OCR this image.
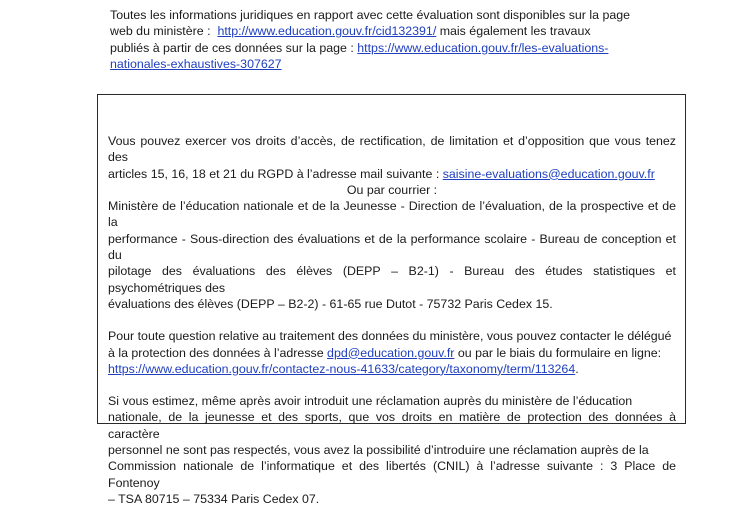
Toutes les informations juridiques en rapport avec cette évaluation sont disponibles sur la page
web du ministère : http://www.education.gouv.fr/cid132391/ mais également les travaux
publiés à partir de ces données sur la page : https://www.education.gouv.fr/les-evaluations-
nationales-exhaustives-307627

Vous pouvez exercer vos droits d’accès, de rectification, de limitation et d’opposition que vous tenez des
articles 15, 16, 18 et 21 du RGPD à l’adresse mail suivante : saisine-evaluations@education.gouv.fr
Ou par courrier :
Ministère de l’éducation nationale et de la Jeunesse - Direction de l’évaluation, de la prospective et de la
performance - Sous-direction des évaluations et de la performance scolaire - Bureau de conception et du
pilotage des évaluations des élèves (DEPP – B2-1) - Bureau des études statistiques et psychométriques des
évaluations des élèves (DEPP – B2-2) - 61-65 rue Dutot - 75732 Paris Cedex 15.

Pour toute question relative au traitement des données du ministère, vous pouvez contacter le délégué
à la protection des données à l’adresse dpd@education.gouv.fr ou par le biais du formulaire en ligne:
https://www.education.gouv.fr/contactez-nous-41633/category/taxonomy/term/113264.

Si vous estimez, même après avoir introduit une réclamation auprès du ministère de l’éducation
nationale, de la jeunesse et des sports, que vos droits en matière de protection des données à caractère
personnel ne sont pas respectés, vous avez la possibilité d’introduire une réclamation auprès de la
Commission nationale de l’informatique et des libertés (CNIL) à l’adresse suivante : 3 Place de Fontenoy
– TSA 80715 – 75334 Paris Cedex 07.
